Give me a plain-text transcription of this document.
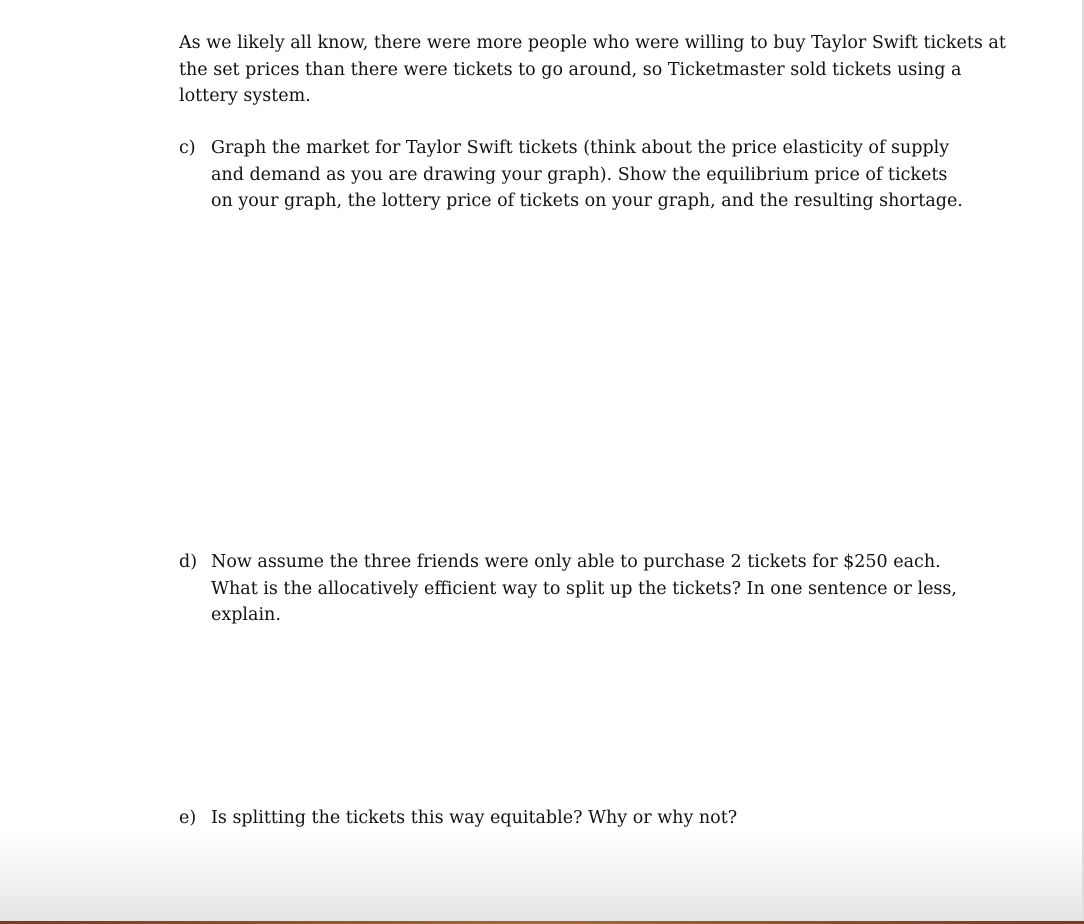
As we likely all know, there were more people who were willing to buy Taylor Swift tickets at the set prices than there were tickets to go around, so Ticketmaster sold tickets using a lottery system.

c) Graph the market for Taylor Swift tickets (think about the price elasticity of supply and demand as you are drawing your graph). Show the equilibrium price of tickets on your graph, the lottery price of tickets on your graph, and the resulting shortage.
d) Now assume the three friends were only able to purchase 2 tickets for $250 each. What is the allocatively efficient way to split up the tickets? In one sentence or less, explain.
e) Is splitting the tickets this way equitable? Why or why not?
